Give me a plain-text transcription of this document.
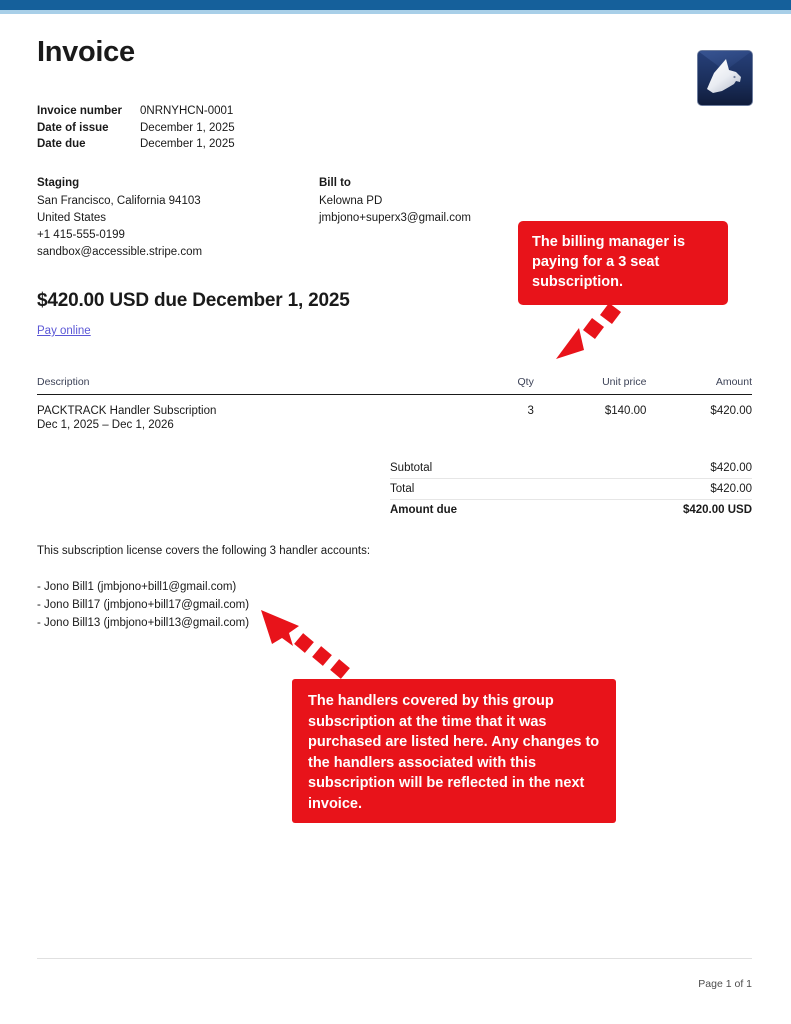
Invoice
Invoice number	0NRNYHCN-0001
Date of issue	December 1, 2025
Date due	December 1, 2025
Staging
San Francisco, California 94103
United States
+1 415-555-0199
sandbox@accessible.stripe.com
Bill to
Kelowna PD
jmbjono+superx3@gmail.com
$420.00 USD due December 1, 2025
Pay online
Description	Qty	Unit price	Amount
PACKTRACK Handler Subscription
Dec 1, 2025 – Dec 1, 2026	3	$140.00	$420.00
Subtotal	$420.00
Total	$420.00
Amount due	$420.00 USD
This subscription license covers the following 3 handler accounts:
- Jono Bill1 (jmbjono+bill1@gmail.com)
- Jono Bill17 (jmbjono+bill17@gmail.com)
- Jono Bill13 (jmbjono+bill13@gmail.com)
Page 1 of 1
The billing manager is paying for a 3 seat subscription.
The handlers covered by this group subscription at the time that it was purchased are listed here. Any changes to the handlers associated with this subscription will be reflected in the next invoice.
